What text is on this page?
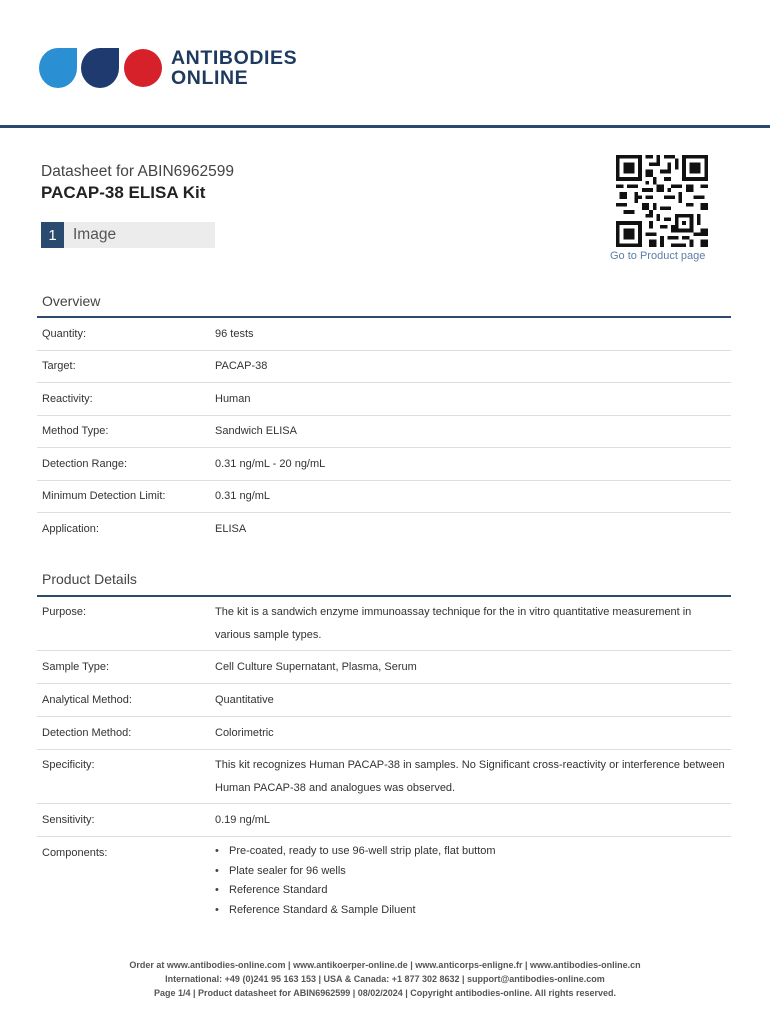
ANTIBODIES
ONLINE
Datasheet for ABIN6962599
PACAP-38 ELISA Kit
1	Image
Go to Product page
Overview
Quantity:	96 tests
Target:	PACAP-38
Reactivity:	Human
Method Type:	Sandwich ELISA
Detection Range:	0.31 ng/mL - 20 ng/mL
Minimum Detection Limit:	0.31 ng/mL
Application:	ELISA
Product Details
Purpose:	The kit is a sandwich enzyme immunoassay technique for the in vitro quantitative measurement in various sample types.
Sample Type:	Cell Culture Supernatant, Plasma, Serum
Analytical Method:	Quantitative
Detection Method:	Colorimetric
Specificity:	This kit recognizes Human PACAP-38 in samples. No Significant cross-reactivity or interference between Human PACAP-38 and analogues was observed.
Sensitivity:	0.19 ng/mL
Components:
•	Pre-coated, ready to use 96-well strip plate, flat buttom
• Plate sealer for 96 wells
• Reference Standard
• Reference Standard & Sample Diluent
Order at www.antibodies-online.com | www.antikoerper-online.de | www.anticorps-enligne.fr | www.antibodies-online.cn
International: +49 (0)241 95 163 153 | USA & Canada: +1 877 302 8632 | support@antibodies-online.com
Page 1/4 | Product datasheet for ABIN6962599 | 08/02/2024 | Copyright antibodies-online. All rights reserved.
